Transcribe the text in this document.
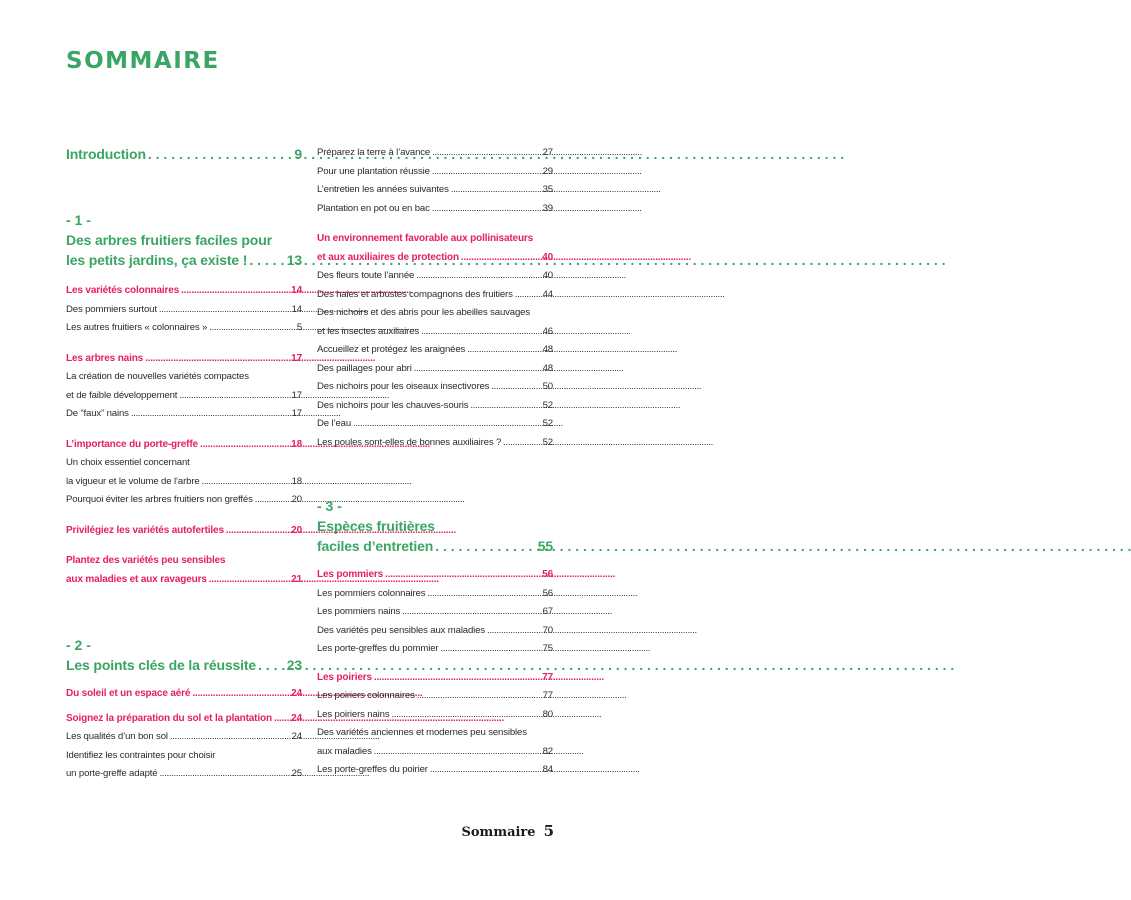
SOMMAIRE
Introduction . . .	9
- 1 -
Des arbres fruitiers faciles pour
les petits jardins, ça existe ! . . .	13
Les variétés colonnaires . . .	14
Des pommiers surtout . . .	14
Les autres fruitiers « colonnaires » . . .	5
Les arbres nains . . .	17
La création de nouvelles variétés compactes
et de faible développement . . .	17
De “faux” nains . . .	17
L’importance du porte-greffe . . .	18
Un choix essentiel concernant
la vigueur et le volume de l’arbre . . .	18
Pourquoi éviter les arbres fruitiers non greffés . . .	20
Privilégiez les variétés autofertiles . . .	20
Plantez des variétés peu sensibles
aux maladies et aux ravageurs . . .	21
- 2 -
Les points clés de la réussite . . . 23
Du soleil et un espace aéré . . .	24
Soignez la préparation du sol et la plantation . . . 24
Les qualités d’un bon sol . . .	24
Identifiez les contraintes pour choisir
un porte-greffe adapté . . .	25
Préparez la terre à l’avance . . .	27
Pour une plantation réussie . . .	29
L’entretien les années suivantes . . .	35
Plantation en pot ou en bac . . .	39
Un environnement favorable aux pollinisateurs
et aux auxiliaires de protection . . .	40
Des fleurs toute l’année . . .	40
Des haies et arbustes compagnons des fruitiers . . .	44
Des nichoirs et des abris pour les abeilles sauvages
et les insectes auxiliaires . . .	46
Accueillez et protégez les araignées . . .	48
Des paillages pour abri . . .	48
Des nichoirs pour les oiseaux insectivores . . .	50
Des nichoirs pour les chauves-souris . . .	52
De l’eau . . .	52
Les poules sont-elles de bonnes auxiliaires ? . . .	52
- 3 -
Espèces fruitières
faciles d’entretien . . .	55
Les pommiers . . .	56
Les pommiers colonnaires . . .	56
Les pommiers nains . . .	67
Des variétés peu sensibles aux maladies . . .	70
Les porte-greffes du pommier . . .	75
Les poiriers . . .	77
Les poiriers colonnaires . . .	77
Les poiriers nains . . .	80
Des variétés anciennes et modernes peu sensibles
aux maladies . . .	82
Les porte-greffes du poirier . . .	84
Sommaire 5
